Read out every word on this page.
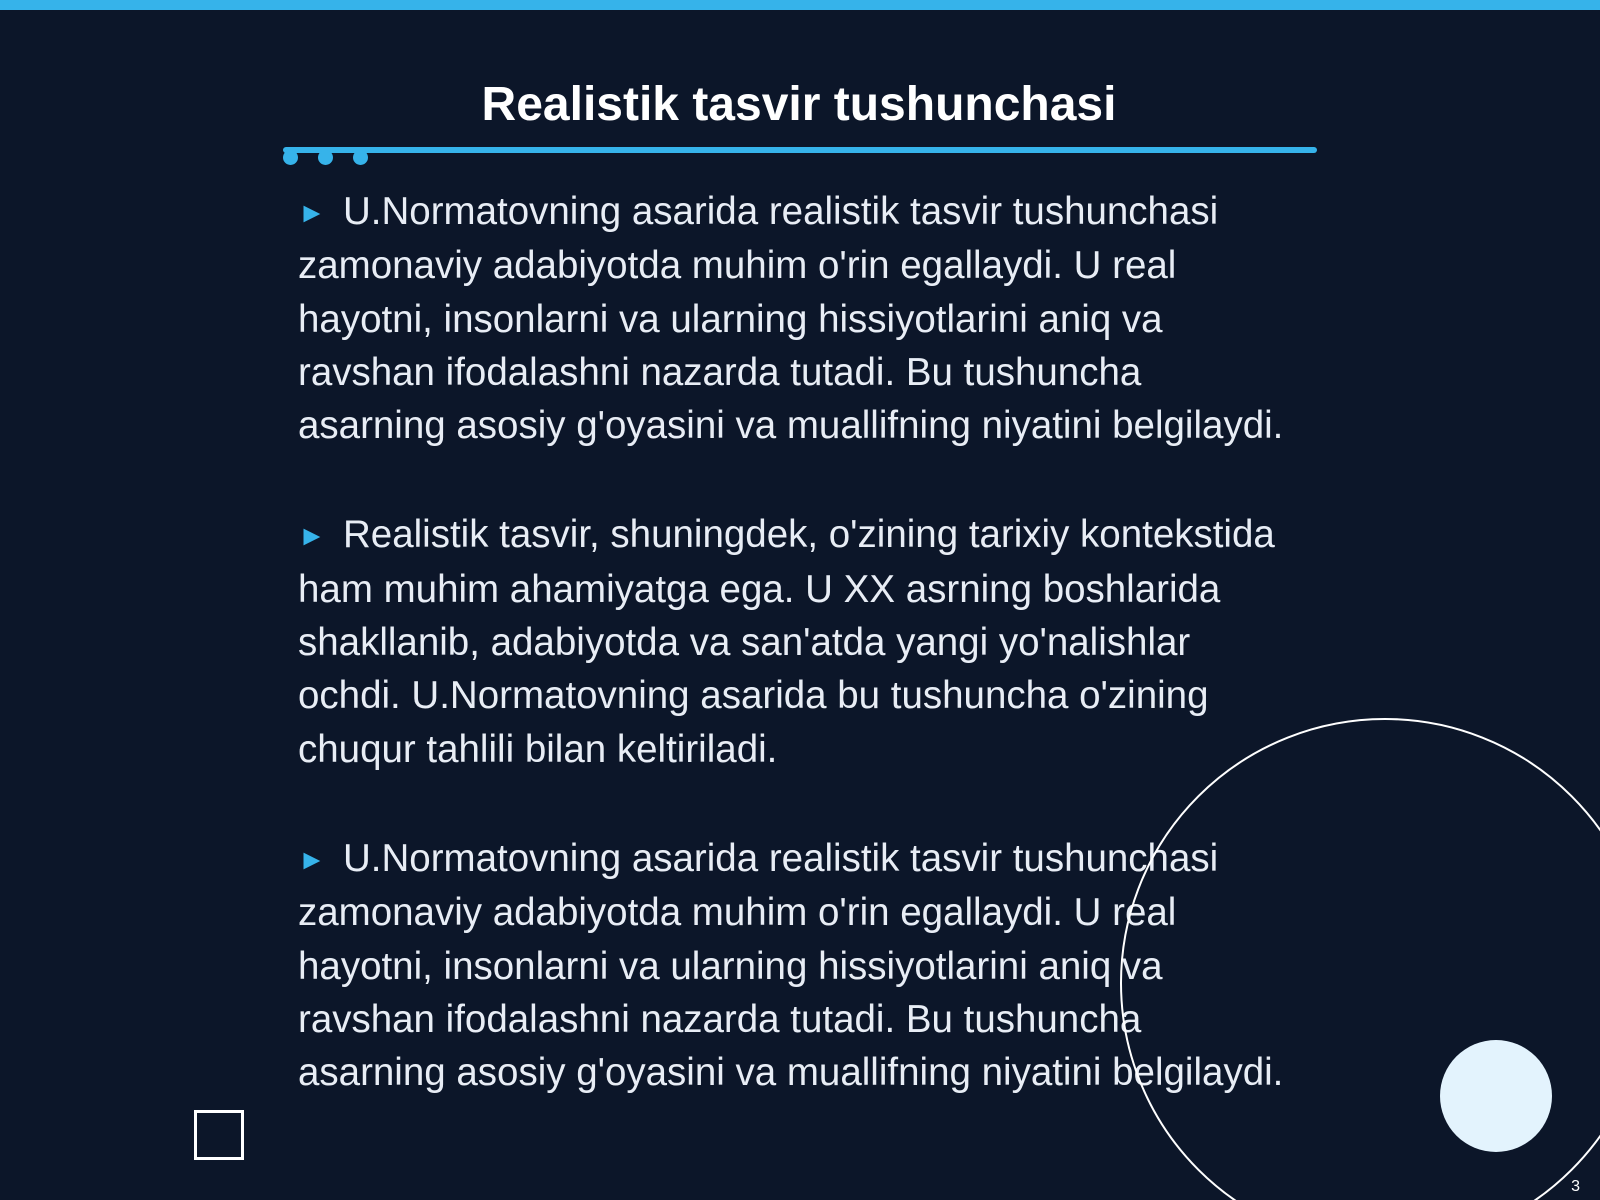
Realistik tasvir tushunchasi

► U.Normatovning asarida realistik tasvir tushunchasi zamonaviy adabiyotda muhim o'rin egallaydi. U real hayotni, insonlarni va ularning hissiyotlarini aniq va ravshan ifodalashni nazarda tutadi. Bu tushuncha asarning asosiy g'oyasini va muallifning niyatini belgilaydi.

► Realistik tasvir, shuningdek, o'zining tarixiy kontekstida ham muhim ahamiyatga ega. U XX asrning boshlarida shakllanib, adabiyotda va san'atda yangi yo'nalishlar ochdi. U.Normatovning asarida bu tushuncha o'zining chuqur tahlili bilan keltiriladi.

► U.Normatovning asarida realistik tasvir tushunchasi zamonaviy adabiyotda muhim o'rin egallaydi. U real hayotni, insonlarni va ularning hissiyotlarini aniq va ravshan ifodalashni nazarda tutadi. Bu tushuncha asarning asosiy g'oyasini va muallifning niyatini belgilaydi.

3
